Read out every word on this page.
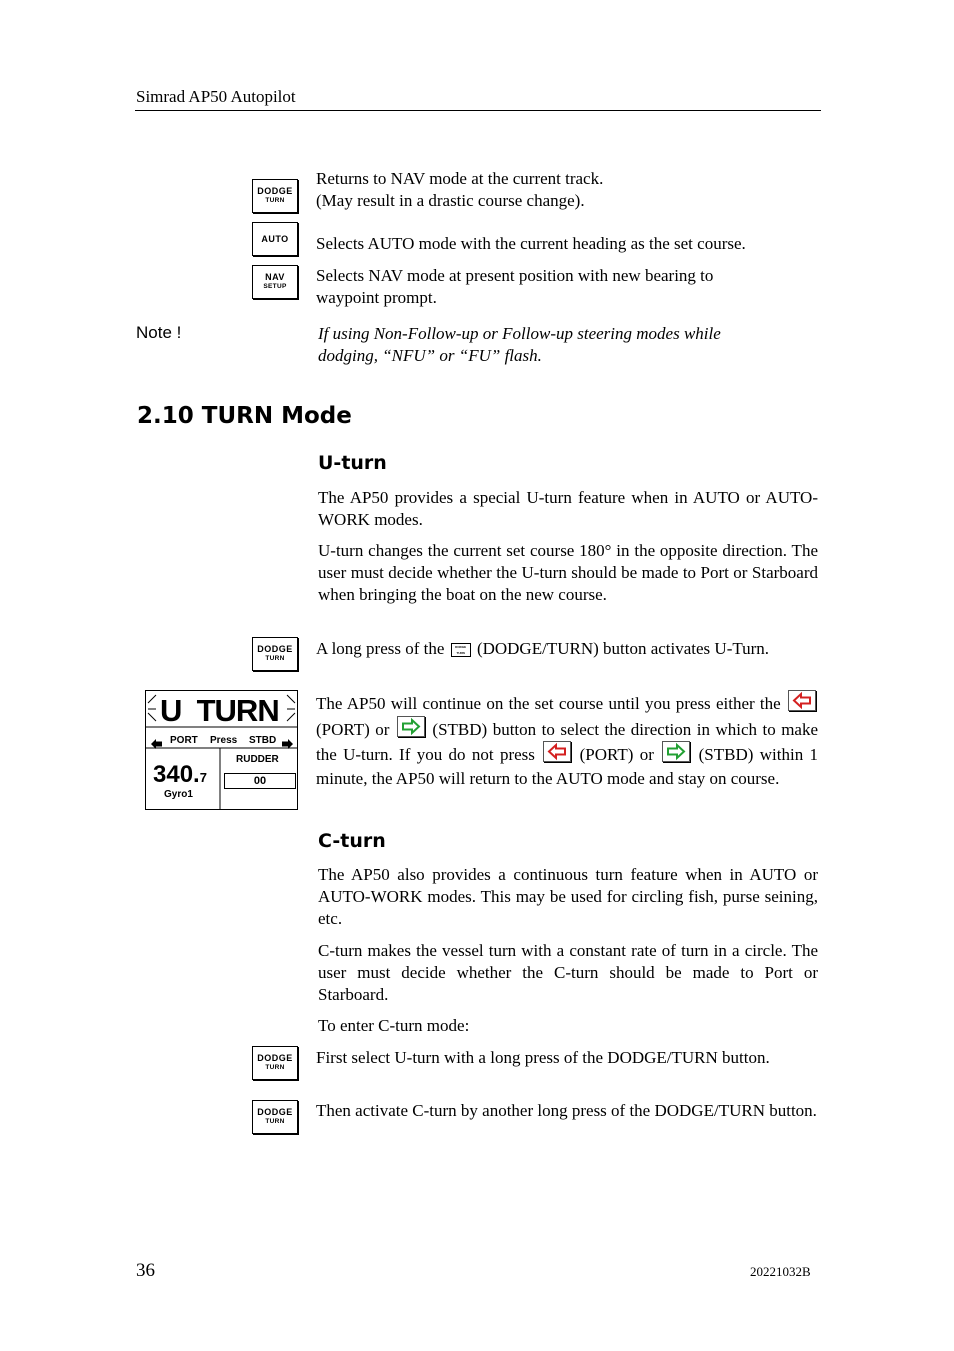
Simrad AP50 Autopilot
DODGE
TURN
Returns to NAV mode at the current track.
(May result in a drastic course change).
AUTO Selects AUTO mode with the current heading as the set course.
NAV
SETUP
Selects NAV mode at present position with new bearing to
waypoint prompt.
Note !	If using Non-Follow-up or Follow-up steering modes while
dodging, “NFU” or “FU” flash.
2.10 TURN Mode
U-turn
The AP50 provides a special U-turn feature when in AUTO or AUTO-WORK modes.
U-turn changes the current set course 180° in the opposite direction. The user must decide whether the U-turn should be made to Port or Starboard when bringing the boat on the new course.
DODGE
TURN
A long press of the	DODGE
TURN (DODGE/TURN) button activates U-Turn.
U  TURN
PORT Press STBD
340.7
Gyro1
RUDDER
00
The AP50 will continue on the set course until you press either the
(PORT) or	(STBD) button to select the direction in which to make the U-turn. If you do not press	(PORT) or	(STBD) within 1 minute, the AP50 will return to the AUTO mode and stay on course.
C-turn
The AP50 also provides a continuous turn feature when in AUTO or AUTO-WORK modes. This may be used for circling fish, purse seining, etc.
C-turn makes the vessel turn with a constant rate of turn in a circle. The user must decide whether the C-turn should be made to Port or Starboard.
To enter C-turn mode:
DODGE
TURN
First select U-turn with a long press of the DODGE/TURN button.
DODGE
TURN
Then activate C-turn by another long press of the DODGE/TURN button.
36	20221032B
